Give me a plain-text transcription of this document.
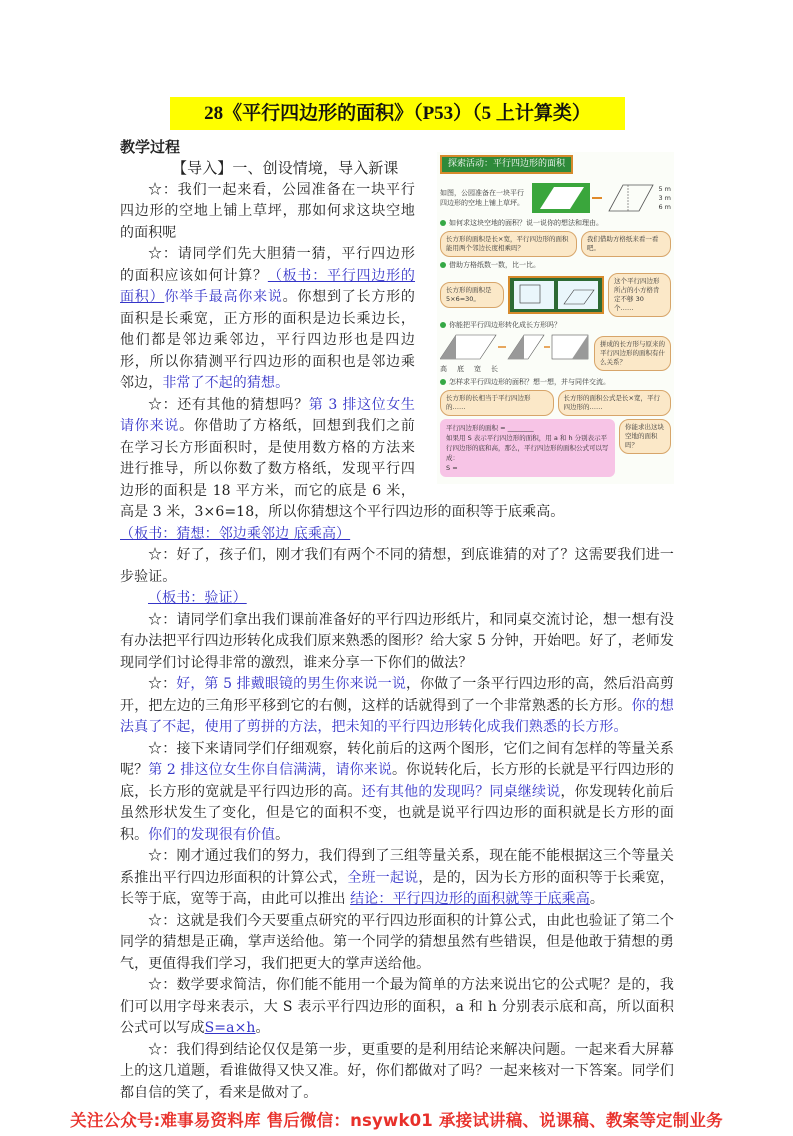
28《平行四边形的面积》（P53）（5 上计算类）
教学过程
探索活动：平行四边形的面积
如图，公园准备在一块平行四边形的空地上铺上草坪。
5 m
3 m
6 m
如何求这块空地的面积？说一说你的想法和理由。
长方形的面积是长×宽，平行四边形的面积能用两个邻边长度相乘吗？
我们借助方格纸来看一看吧。
借助方格纸数一数，比一比。
长方形的面积是 5×6=30。
这个平行四边形所占的小方格肯定不够 30 个……
你能把平行四边形转化成长方形吗？
高 底 宽 长
拼成的长方形与原来的平行四边形的面积有什么关系？
怎样求平行四边形的面积？想一想，并与同伴交流。
长方形的长相当于平行四边形的……
长方形的面积公式是长×宽，平行四边形的……
平行四边形的面积 = ________
如果用 S 表示平行四边形的面积，用 a 和 h 分别表示平行四边形的底和高，那么，平行四边形的面积公式可以写成：
S =
你能求出这块空地的面积吗？

【导入】一、创设情境，导入新课

☆：我们一起来看，公园准备在一块平行四边形的空地上铺上草坪，那如何求这块空地的面积呢

☆：请同学们先大胆猜一猜，平行四边形的面积应该如何计算？（板书：平行四边形的面积）你举手最高你来说。你想到了长方形的面积是长乘宽，正方形的面积是边长乘边长，他们都是邻边乘邻边，平行四边形也是四边形，所以你猜测平行四边形的面积也是邻边乘邻边，非常了不起的猜想。

☆：还有其他的猜想吗？第 3 排这位女生请你来说。你借助了方格纸，回想到我们之前在学习长方形面积时，是使用数方格的方法来进行推导，所以你数了数方格纸，发现平行四边形的面积是 18 平方米，而它的底是 6 米，高是 3 米，3×6=18，所以你猜想这个平行四边形的面积等于底乘高。

（板书：猜想：邻边乘邻边 底乘高）

☆：好了，孩子们，刚才我们有两个不同的猜想，到底谁猜的对了？这需要我们进一步验证。

（板书：验证）

☆：请同学们拿出我们课前准备好的平行四边形纸片，和同桌交流讨论，想一想有没有办法把平行四边形转化成我们原来熟悉的图形？给大家 5 分钟，开始吧。好了，老师发现同学们讨论得非常的激烈，谁来分享一下你们的做法？

☆：好，第 5 排戴眼镜的男生你来说一说，你做了一条平行四边形的高，然后沿高剪开，把左边的三角形平移到它的右侧，这样的话就得到了一个非常熟悉的长方形。你的想法真了不起，使用了剪拼的方法，把未知的平行四边形转化成我们熟悉的长方形。

☆：接下来请同学们仔细观察，转化前后的这两个图形，它们之间有怎样的等量关系呢？第 2 排这位女生你自信满满，请你来说。你说转化后，长方形的长就是平行四边形的底，长方形的宽就是平行四边形的高。还有其他的发现吗？同桌继续说，你发现转化前后虽然形状发生了变化，但是它的面积不变，也就是说平行四边形的面积就是长方形的面积。你们的发现很有价值。

☆：刚才通过我们的努力，我们得到了三组等量关系，现在能不能根据这三个等量关系推出平行四边形面积的计算公式，全班一起说，是的，因为长方形的面积等于长乘宽，长等于底，宽等于高，由此可以推出 结论：平行四边形的面积就等于底乘高。

☆：这就是我们今天要重点研究的平行四边形面积的计算公式，由此也验证了第二个同学的猜想是正确，掌声送给他。第一个同学的猜想虽然有些错误，但是他敢于猜想的勇气，更值得我们学习，我们把更大的掌声送给他。

☆：数学要求简洁，你们能不能用一个最为简单的方法来说出它的公式呢？是的，我们可以用字母来表示，大 S 表示平行四边形的面积，a 和 h 分别表示底和高，所以面积公式可以写成S=a×h。

☆：我们得到结论仅仅是第一步，更重要的是利用结论来解决问题。一起来看大屏幕上的这几道题，看谁做得又快又准。好，你们都做对了吗？一起来核对一下答案。同学们都自信的笑了，看来是做对了。

关注公众号:难事易资料库 售后微信：nsywk01 承接试讲稿、说课稿、教案等定制业务
